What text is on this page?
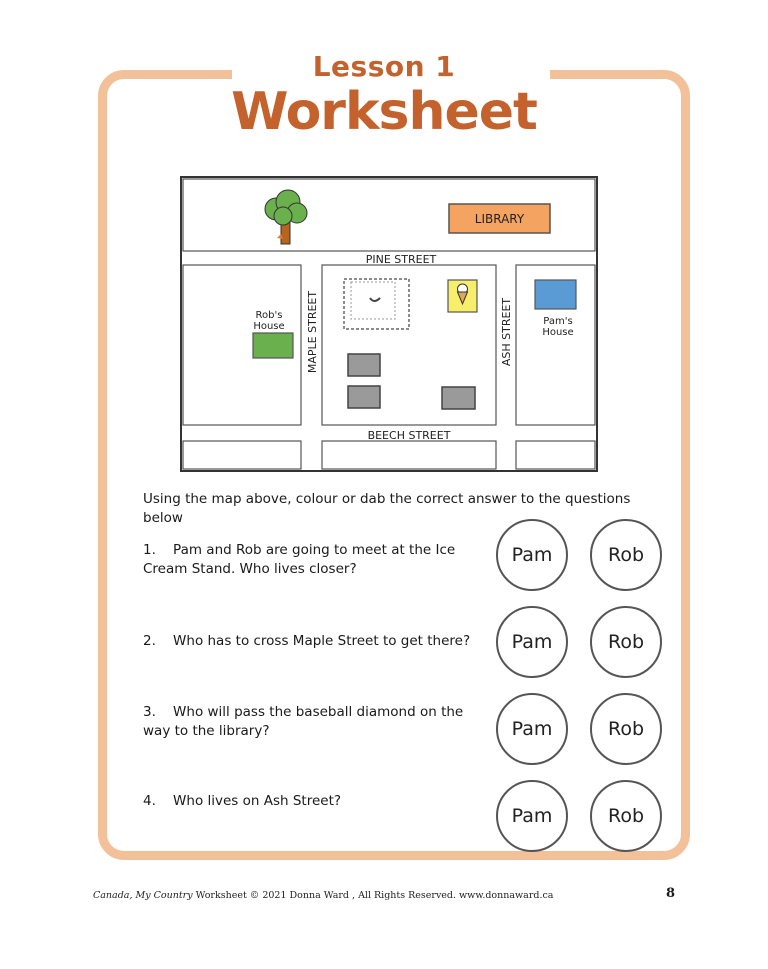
Lesson 1
Worksheet
LIBRARY
PINE STREET
BEECH STREET
MAPLE STREET	ASH STREET
Rob's
House	Pam's
House
Using the map above, colour or dab the correct answer to the questions below
1.    Pam and Rob are going to meet at the Ice Cream Stand. Who lives closer?
Pam	Rob
2.    Who has to cross Maple Street to get there?	Pam	Rob
3.    Who will pass the baseball diamond on the way to the library?	Pam	Rob
4.    Who lives on Ash Street?
Pam	Rob
Canada, My Country Worksheet © 2021 Donna Ward , All Rights Reserved. www.donnaward.ca	8
